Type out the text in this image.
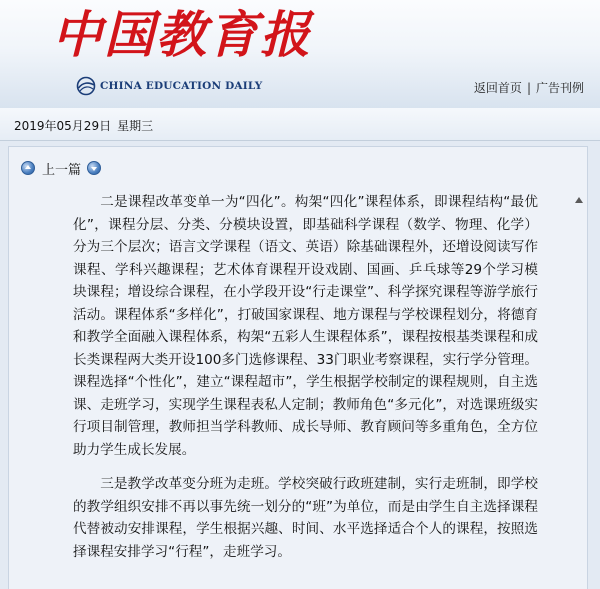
中国教育报
CHINA EDUCATION DAILY	返回首页 | 广告刊例
2019年05月29日 星期三
上一篇

二是课程改革变单一为“四化”。构架“四化”课程体系，即课程结构“最优化”，课程分层、分类、分模块设置，即基础科学课程（数学、物理、化学）分为三个层次；语言文学课程（语文、英语）除基础课程外，还增设阅读写作课程、学科兴趣课程；艺术体育课程开设戏剧、国画、乒乓球等29个学习模块课程；增设综合课程，在小学段开设“行走课堂”、科学探究课程等游学旅行活动。课程体系“多样化”，打破国家课程、地方课程与学校课程划分，将德育和教学全面融入课程体系，构架“五彩人生课程体系”，课程按根基类课程和成长类课程两大类开设100多门选修课程、33门职业考察课程，实行学分管理。课程选择“个性化”，建立“课程超市”，学生根据学校制定的课程规则，自主选课、走班学习，实现学生课程表私人定制；教师角色“多元化”，对选课班级实行项目制管理，教师担当学科教师、成长导师、教育顾问等多重角色，全方位助力学生成长发展。

三是教学改革变分班为走班。学校突破行政班建制，实行走班制，即学校的教学组织安排不再以事先统一划分的“班”为单位，而是由学生自主选择课程代替被动安排课程，学生根据兴趣、时间、水平选择适合个人的课程，按照选择课程安排学习“行程”，走班学习。
